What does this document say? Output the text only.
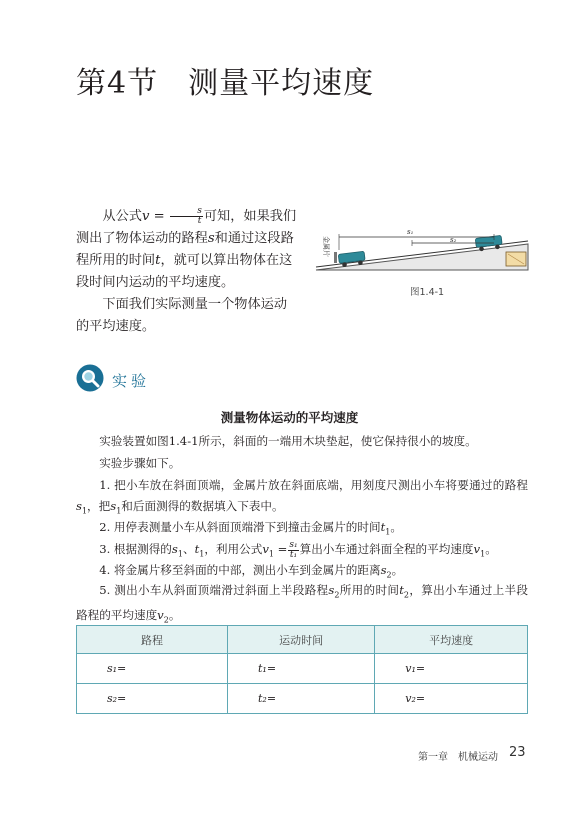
第4节 测量平均速度
从公式$v = \frac{s}{t}$ 可知，如果我们测出了物体运动的路程s和通过这段路程所用的时间t，就可以算出物体在这段时间内运动的平均速度。
下面我们实际测量一个物体运动的平均速度。
s₁
s₂
金属片
图1.4-1
实验
测量物体运动的平均速度
实验装置如图1.4-1所示，斜面的一端用木块垫起，使它保持很小的坡度。
实验步骤如下。
1. 把小车放在斜面顶端，金属片放在斜面底端，用刻度尺测出小车将要通过的路程$s_1$，把$s_1$和后面测得的数据填入下表中。
2. 用停表测量小车从斜面顶端滑下到撞击金属片的时间$t_1$。
3. 根据测得的$s_1$、$t_1$，利用公式$v_1 = \frac{\text{s₁}}{\text{t₁}}$ 算出小车通过斜面全程的平均速度$v_1$。
4. 将金属片移至斜面的中部，测出小车到金属片的距离$s_2$。
5. 测出小车从斜面顶端滑过斜面上半段路程$s_2$所用的时间$t_2$，算出小车通过上半段路程的平均速度$v_2$。
路程	运动时间	平均速度
s₁=	t₁=	v₁=
s₂=	t₂=	v₂=
第一章　机械运动 23
